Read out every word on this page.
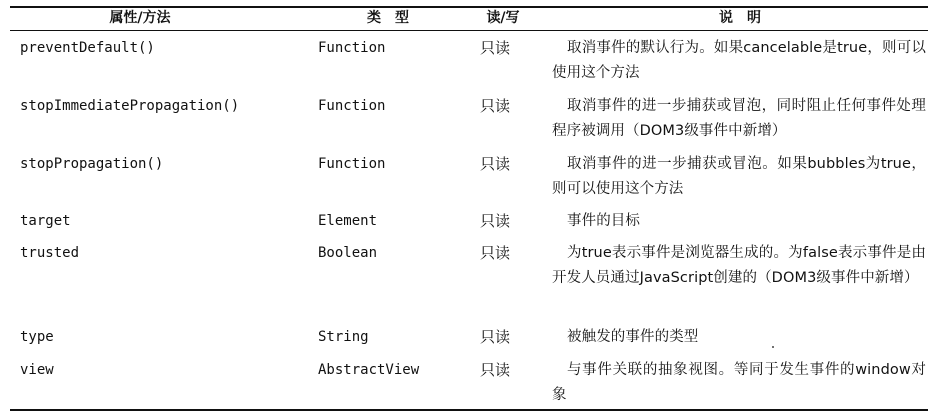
属性/方法	类　型	读/写	说　明
preventDefault()	Function	只读	取消事件的默认行为。如果cancelable是true，则可以使用这个方法
stopImmediatePropagation()	Function	只读	取消事件的进一步捕获或冒泡，同时阻止任何事件处理程序被调用（DOM3级事件中新增）
stopPropagation()	Function	只读	取消事件的进一步捕获或冒泡。如果bubbles为true，则可以使用这个方法
target	Element	只读	事件的目标
trusted	Boolean	只读	为true表示事件是浏览器生成的。为false表示事件是由开发人员通过JavaScript创建的（DOM3级事件中新增）
type	String	只读	被触发的事件的类型
view	AbstractView	只读	与事件关联的抽象视图。等同于发生事件的window对象
